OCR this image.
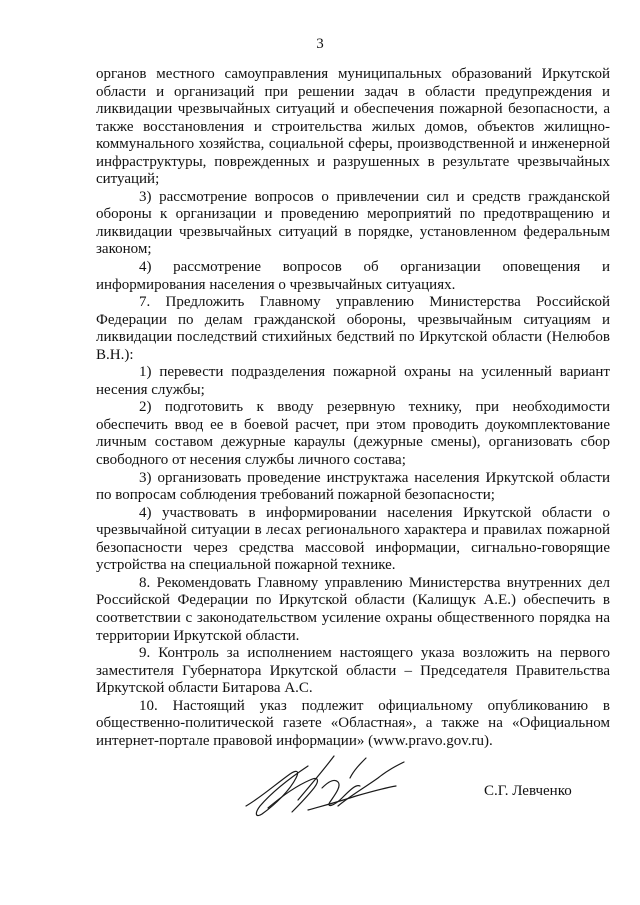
3

органов местного самоуправления муниципальных образований Иркутской области и организаций при решении задач в области предупреждения и ликвидации чрезвычайных ситуаций и обеспечения пожарной безопасности, а также восстановления и строительства жилых домов, объектов жилищно-коммунального хозяйства, социальной сферы, производственной и инженерной инфраструктуры, поврежденных и разрушенных в результате чрезвычайных ситуаций;

3) рассмотрение вопросов о привлечении сил и средств гражданской обороны к организации и проведению мероприятий по предотвращению и ликвидации чрезвычайных ситуаций в порядке, установленном федеральным законом;

4) рассмотрение вопросов об организации оповещения и информирования населения о чрезвычайных ситуациях.

7. Предложить Главному управлению Министерства Российской Федерации по делам гражданской обороны, чрезвычайным ситуациям и ликвидации последствий стихийных бедствий по Иркутской области (Нелюбов В.Н.):

1) перевести подразделения пожарной охраны на усиленный вариант несения службы;

2) подготовить к вводу резервную технику, при необходимости обеспечить ввод ее в боевой расчет, при этом проводить доукомплектование личным составом дежурные караулы (дежурные смены), организовать сбор свободного от несения службы личного состава;

3) организовать проведение инструктажа населения Иркутской области по вопросам соблюдения требований пожарной безопасности;

4) участвовать в информировании населения Иркутской области о чрезвычайной ситуации в лесах регионального характера и правилах пожарной безопасности через средства массовой информации, сигнально-говорящие устройства на специальной пожарной технике.

8. Рекомендовать Главному управлению Министерства внутренних дел Российской Федерации по Иркутской области (Калищук А.Е.) обеспечить в соответствии с законодательством усиление охраны общественного порядка на территории Иркутской области.

9. Контроль за исполнением настоящего указа возложить на первого заместителя Губернатора Иркутской области – Председателя Правительства Иркутской области Битарова А.С.

10. Настоящий указ подлежит официальному опубликованию в общественно-политической газете «Областная», а также на «Официальном интернет-портале правовой информации» (www.pravo.gov.ru).

С.Г. Левченко
